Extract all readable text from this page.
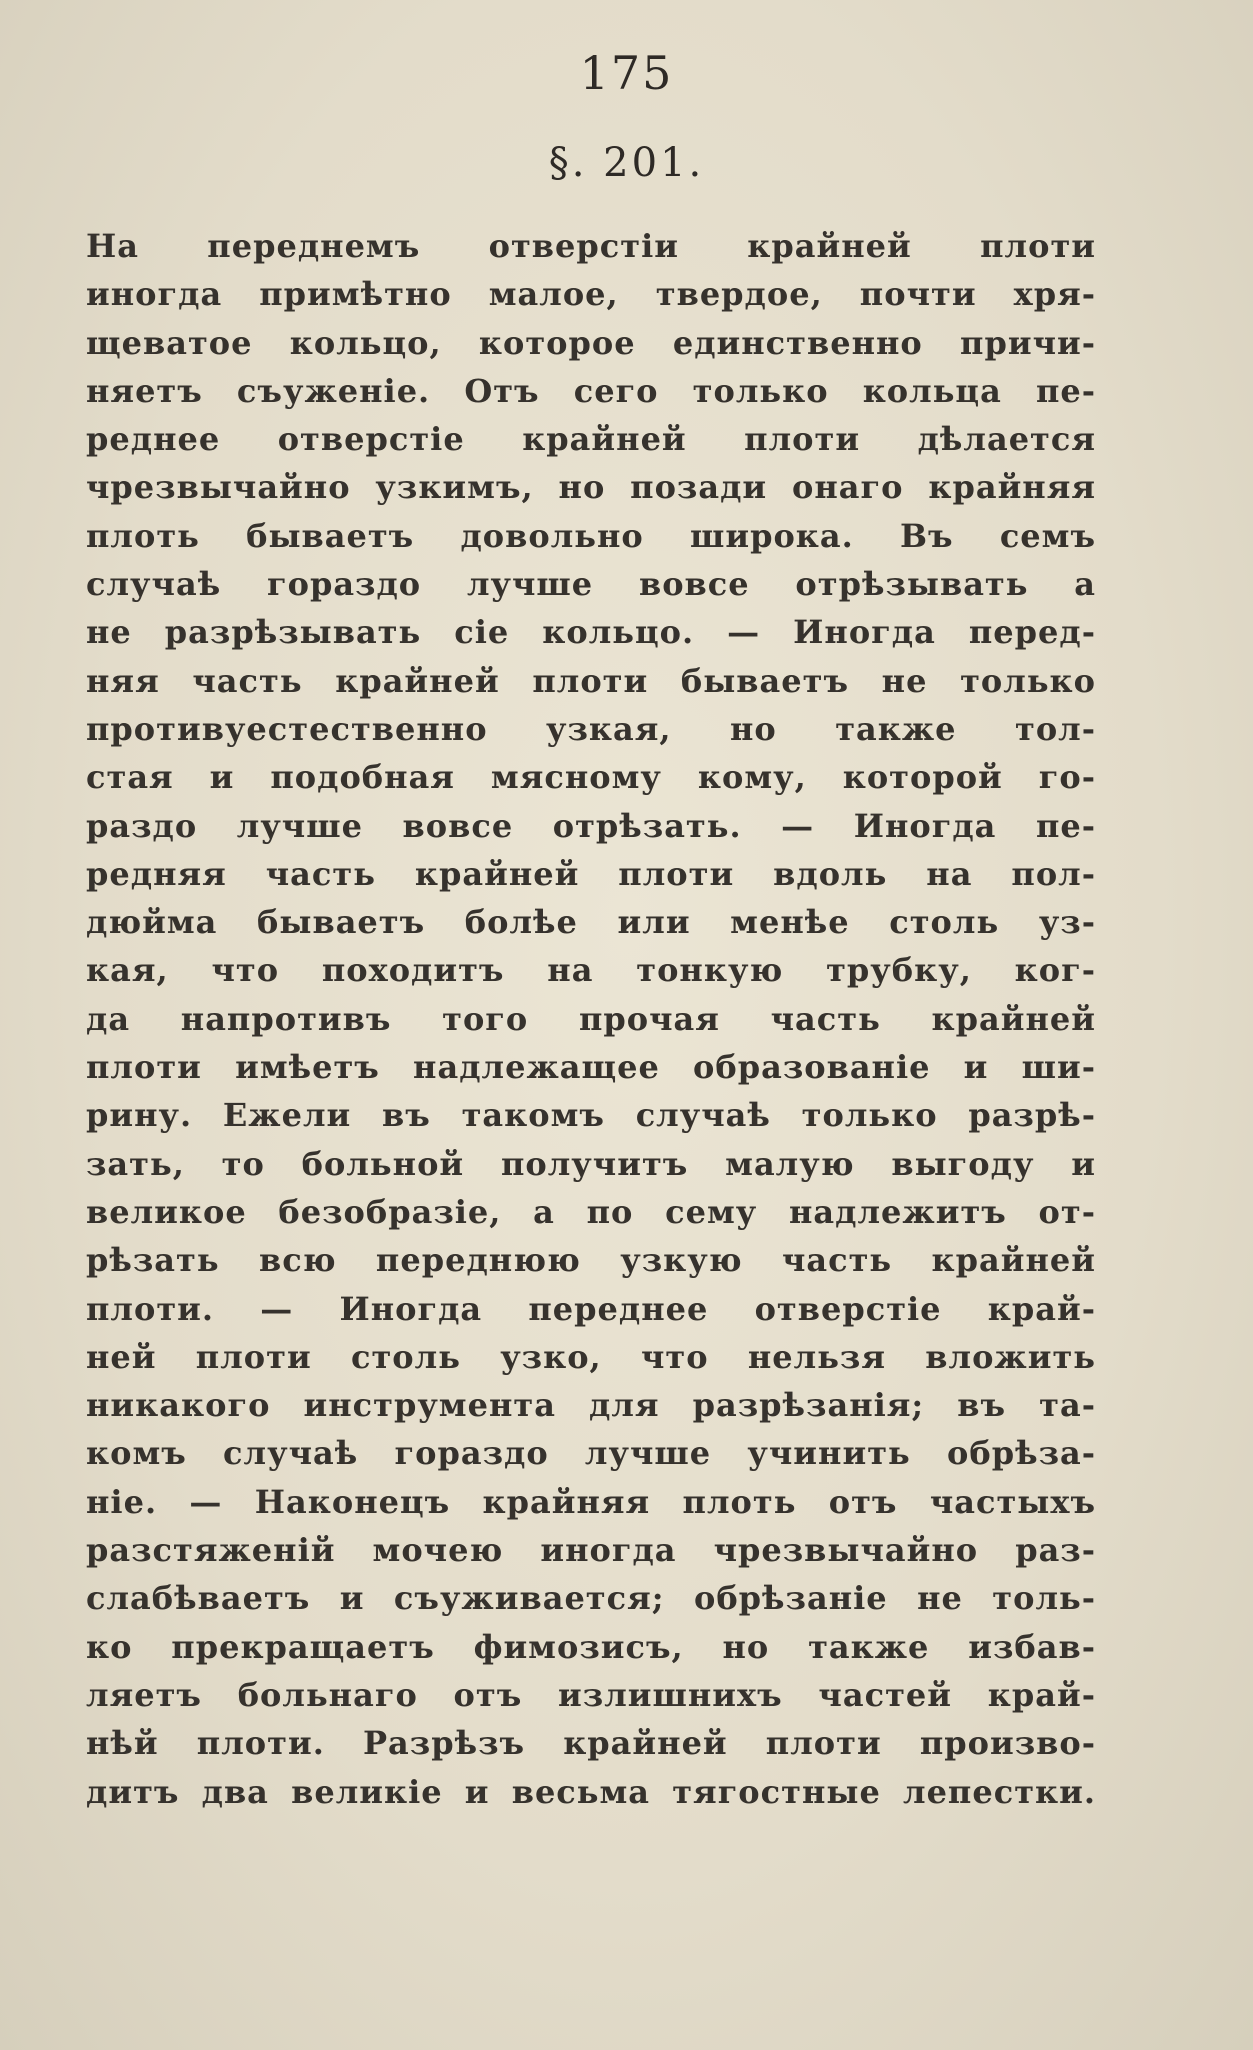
175
§. 201.
На переднемъ отверстіи крайней плоти
иногда примѣтно малое, твердое, почти хря-
щеватое кольцо, которое единственно причи-
няетъ съуженіе. Отъ сего только кольца пе-
реднее отверстіе крайней плоти дѣлается
чрезвычайно узкимъ, но позади онаго крайняя
плоть бываетъ довольно широка. Въ семъ
случаѣ гораздо лучше вовсе отрѣзывать а
не разрѣзывать сіе кольцо. — Иногда перед-
няя часть крайней плоти бываетъ не только
противуестественно узкая, но также тол-
стая и подобная мясному кому, которой го-
раздо лучше вовсе отрѣзать. — Иногда пе-
редняя часть крайней плоти вдоль на пол-
дюйма бываетъ болѣе или менѣе столь уз-
кая, что походитъ на тонкую трубку, ког-
да напротивъ того прочая часть крайней
плоти имѣетъ надлежащее образованіе и ши-
рину. Ежели въ такомъ случаѣ только разрѣ-
зать, то больной получитъ малую выгоду и
великое безобразіе, а по сему надлежитъ от-
рѣзать всю переднюю узкую часть крайней
плоти. — Иногда переднее отверстіе край-
ней плоти столь узко, что нельзя вложить
никакого инструмента для разрѣзанія; въ та-
комъ случаѣ гораздо лучше учинить обрѣза-
ніе. — Наконецъ крайняя плоть отъ частыхъ
разстяженій мочею иногда чрезвычайно раз-
слабѣваетъ и съуживается; обрѣзаніе не толь-
ко прекращаетъ фимозисъ, но также избав-
ляетъ больнаго отъ излишнихъ частей край-
нѣй плоти. Разрѣзъ крайней плоти произво-
дитъ два великіе и весьма тягостные лепестки.
